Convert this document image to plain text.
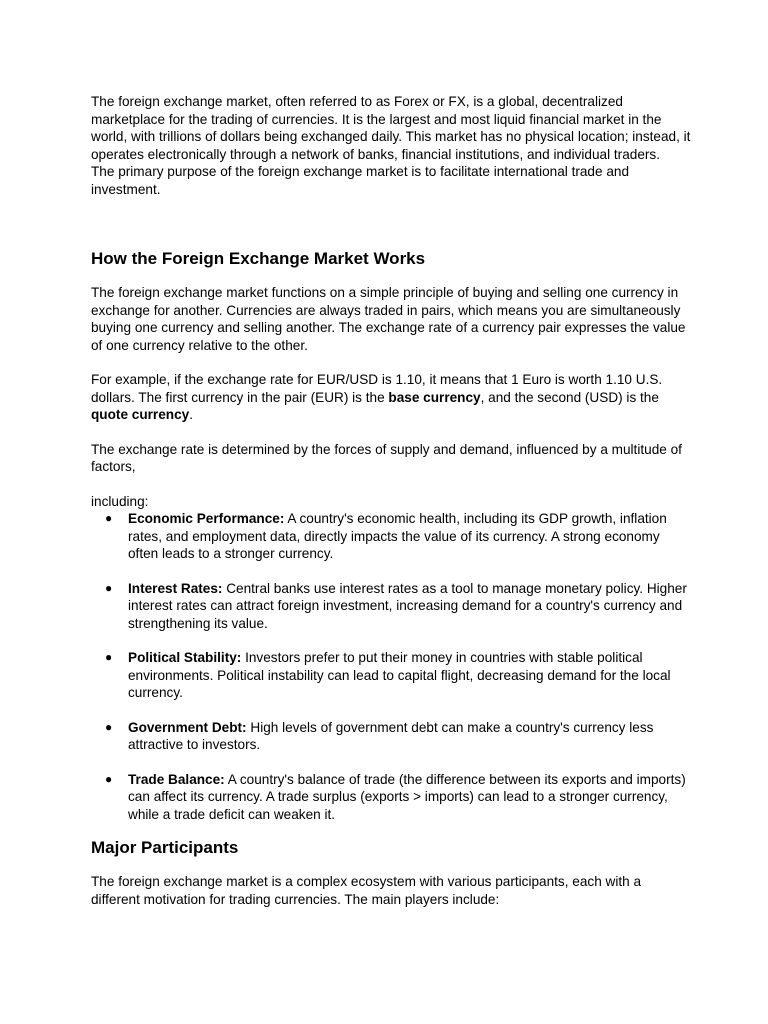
The foreign exchange market, often referred to as Forex or FX, is a global, decentralized marketplace for the trading of currencies. It is the largest and most liquid financial market in the world, with trillions of dollars being exchanged daily. This market has no physical location; instead, it operates electronically through a network of banks, financial institutions, and individual traders.

The primary purpose of the foreign exchange market is to facilitate international trade and investment.

How the Foreign Exchange Market Works

The foreign exchange market functions on a simple principle of buying and selling one currency in exchange for another. Currencies are always traded in pairs, which means you are simultaneously buying one currency and selling another. The exchange rate of a currency pair expresses the value of one currency relative to the other.

For example, if the exchange rate for EUR/USD is 1.10, it means that 1 Euro is worth 1.10 U.S. dollars. The first currency in the pair (EUR) is the base currency, and the second (USD) is the quote currency.

The exchange rate is determined by the forces of supply and demand, influenced by a multitude of factors,

including:

● Economic Performance: A country's economic health, including its GDP growth, inflation rates, and employment data, directly impacts the value of its currency. A strong economy often leads to a stronger currency.
● Interest Rates: Central banks use interest rates as a tool to manage monetary policy. Higher interest rates can attract foreign investment, increasing demand for a country's currency and strengthening its value.
● Political Stability: Investors prefer to put their money in countries with stable political environments. Political instability can lead to capital flight, decreasing demand for the local currency.
● Government Debt: High levels of government debt can make a country's currency less attractive to investors.
● Trade Balance: A country's balance of trade (the difference between its exports and imports) can affect its currency. A trade surplus (exports > imports) can lead to a stronger currency, while a trade deficit can weaken it.
Major Participants

The foreign exchange market is a complex ecosystem with various participants, each with a different motivation for trading currencies. The main players include:
